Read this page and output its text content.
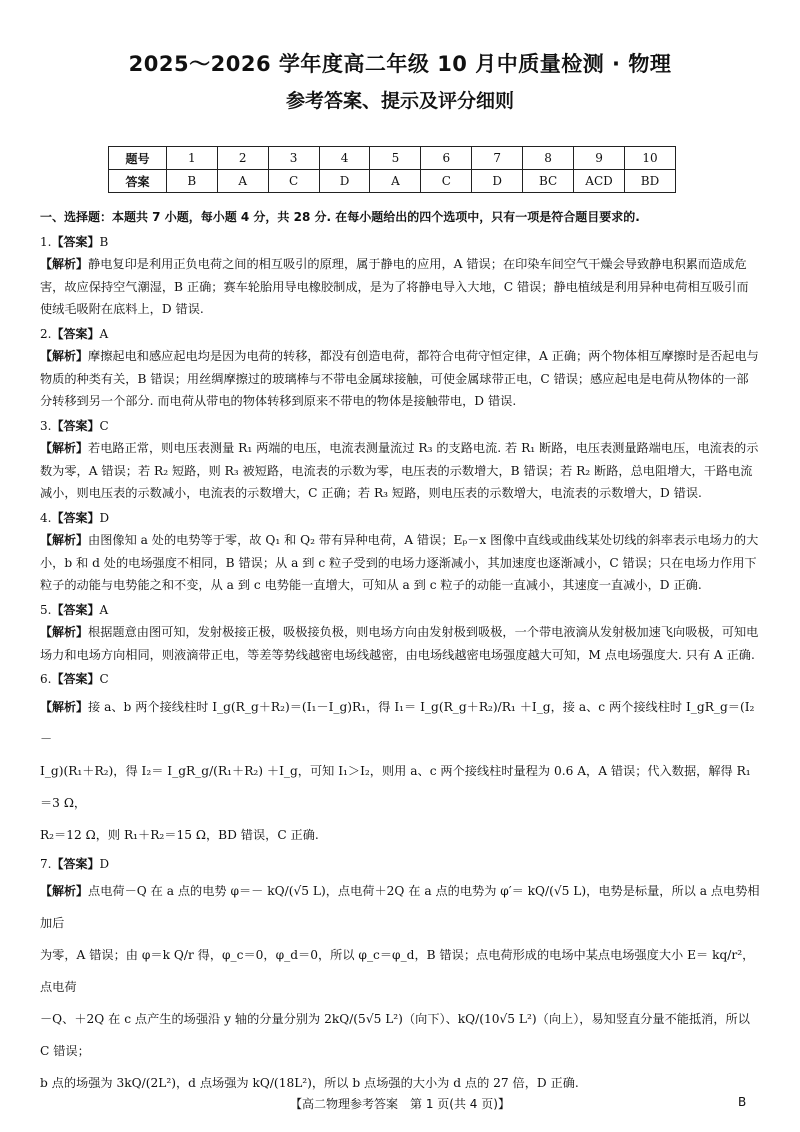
2025～2026 学年度高二年级 10 月中质量检测 · 物理
参考答案、提示及评分细则
题号	1	2	3	4	5	6	7	8	9	10
答案	B	A	C	D	A	C	D	BC	ACD	BD
一、选择题：本题共 7 小题，每小题 4 分，共 28 分. 在每小题给出的四个选项中，只有一项是符合题目要求的.
1.【答案】B
【解析】静电复印是利用正负电荷之间的相互吸引的原理，属于静电的应用，A 错误；在印染车间空气干燥会导致静电积累而造成危害，故应保持空气潮湿，B 正确；赛车轮胎用导电橡胶制成，是为了将静电导入大地，C 错误；静电植绒是利用异种电荷相互吸引而使绒毛吸附在底料上，D 错误.
2.【答案】A
【解析】摩擦起电和感应起电均是因为电荷的转移，都没有创造电荷，都符合电荷守恒定律，A 正确；两个物体相互摩擦时是否起电与物质的种类有关，B 错误；用丝绸摩擦过的玻璃棒与不带电金属球接触，可使金属球带正电，C 错误；感应起电是电荷从物体的一部分转移到另一个部分. 而电荷从带电的物体转移到原来不带电的物体是接触带电，D 错误.
3.【答案】C
【解析】若电路正常，则电压表测量 R₁ 两端的电压，电流表测量流过 R₃ 的支路电流. 若 R₁ 断路，电压表测量路端电压，电流表的示数为零，A 错误；若 R₂ 短路，则 R₃ 被短路，电流表的示数为零，电压表的示数增大，B 错误；若 R₂ 断路，总电阻增大，干路电流减小，则电压表的示数减小，电流表的示数增大，C 正确；若 R₃ 短路，则电压表的示数增大，电流表的示数增大，D 错误.
4.【答案】D
【解析】由图像知 a 处的电势等于零，故 Q₁ 和 Q₂ 带有异种电荷，A 错误；Eₚ－x 图像中直线或曲线某处切线的斜率表示电场力的大小，b 和 d 处的电场强度不相同，B 错误；从 a 到 c 粒子受到的电场力逐渐减小，其加速度也逐渐减小，C 错误；只在电场力作用下粒子的动能与电势能之和不变，从 a 到 c 电势能一直增大，可知从 a 到 c 粒子的动能一直减小，其速度一直减小，D 正确.
5.【答案】A
【解析】根据题意由图可知，发射极接正极，吸极接负极，则电场方向由发射极到吸极，一个带电液滴从发射极加速飞向吸极，可知电场力和电场方向相同，则液滴带正电，等差等势线越密电场线越密，由电场线越密电场强度越大可知，M 点电场强度大. 只有 A 正确.
6.【答案】C
【解析】接 a、b 两个接线柱时 I_g(R_g＋R₂)＝(I₁－I_g)R₁，得 I₁＝ I_g(R_g＋R₂)/R₁ ＋I_g，接 a、c 两个接线柱时 I_gR_g＝(I₂－
I_g)(R₁＋R₂)，得 I₂＝ I_gR_g/(R₁＋R₂) ＋I_g，可知 I₁＞I₂，则用 a、c 两个接线柱时量程为 0.6 A，A 错误；代入数据，解得 R₁＝3 Ω，
R₂＝12 Ω，则 R₁＋R₂＝15 Ω，BD 错误，C 正确.
7.【答案】D
【解析】点电荷－Q 在 a 点的电势 φ＝－ kQ/(√5 L)，点电荷＋2Q 在 a 点的电势为 φ′＝ kQ/(√5 L)，电势是标量，所以 a 点电势相加后
为零，A 错误；由 φ＝k Q/r 得，φ_c＝0，φ_d＝0，所以 φ_c＝φ_d，B 错误；点电荷形成的电场中某点电场强度大小 E＝ kq/r²，点电荷
－Q、＋2Q 在 c 点产生的场强沿 y 轴的分量分别为 2kQ/(5√5 L²)（向下）、kQ/(10√5 L²)（向上），易知竖直分量不能抵消，所以 C 错误；
b 点的场强为 3kQ/(2L²)，d 点场强为 kQ/(18L²)，所以 b 点场强的大小为 d 点的 27 倍，D 正确.
【高二物理参考答案　第 1 页(共 4 页)】	B
